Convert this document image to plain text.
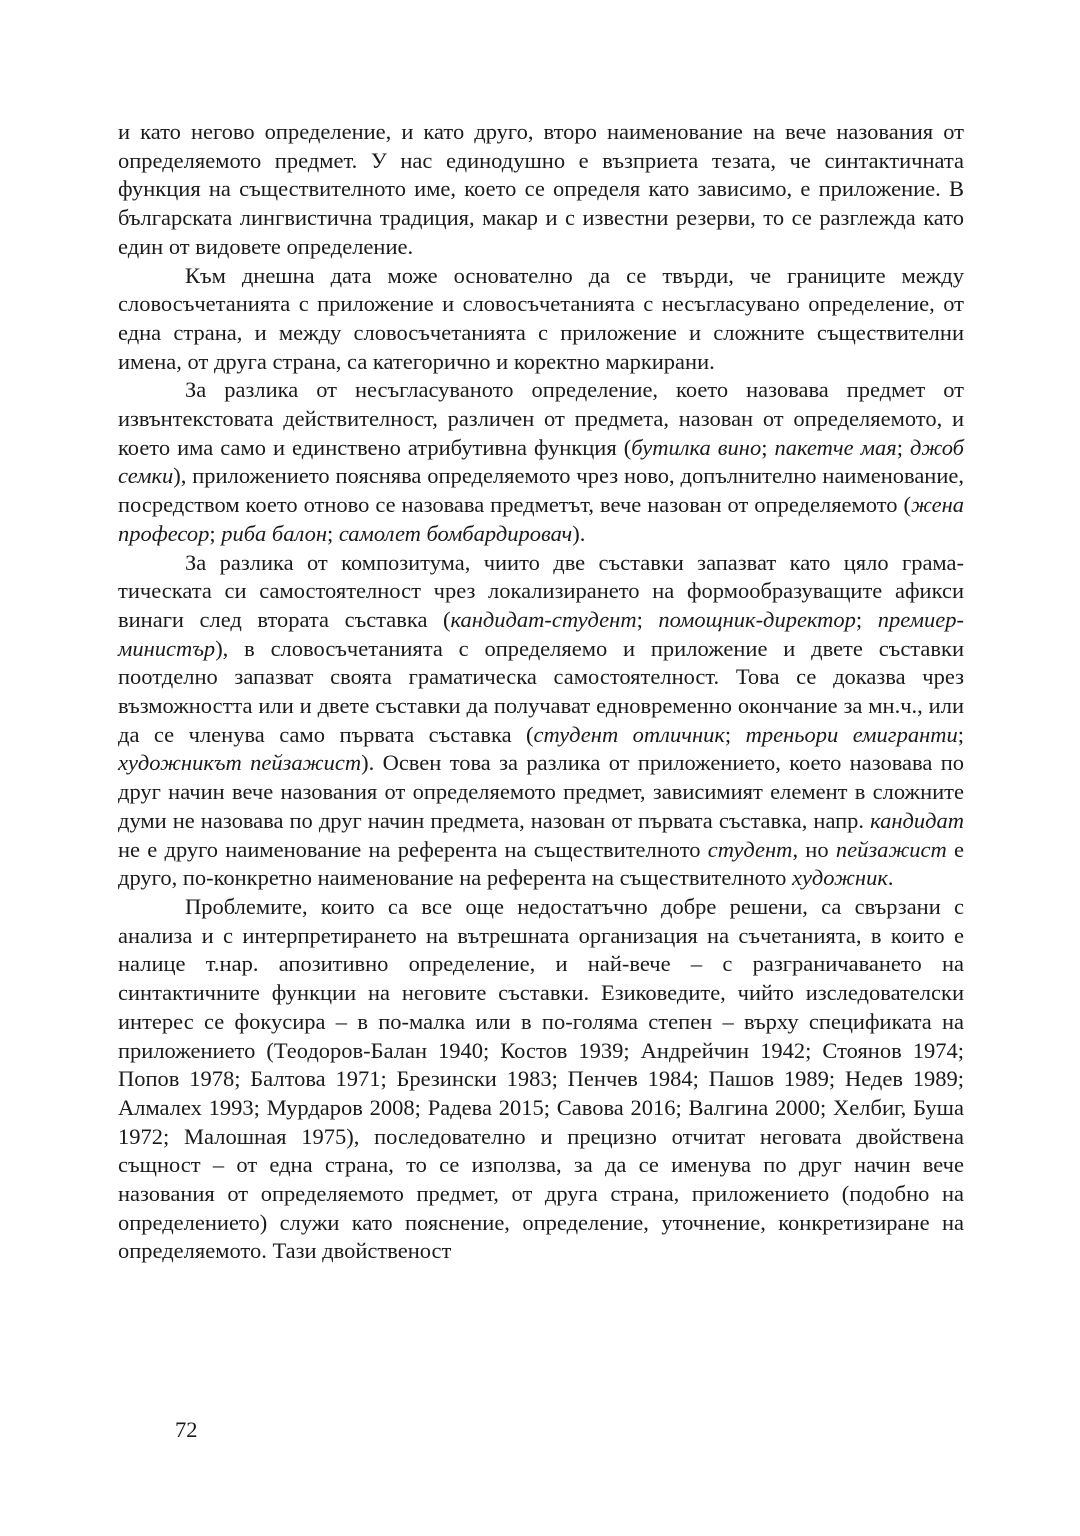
и като негово определение, и като друго, второ наименование на вече назования от определяемото предмет. У нас единодушно е възприета тезата, че синтактичната функция на съществителното име, което се определя като зависимо, е приложение. В българската лингвистична традиция, макар и с известни резерви, то се разглежда като един от видовете определение.

Към днешна дата може основателно да се твърди, че границите между словосъчетанията с приложение и словосъчетанията с несъгласувано определение, от една страна, и между словосъчетанията с приложение и сложните съществителни имена, от друга страна, са категорично и коректно маркирани.

За разлика от несъгласуваното определение, което назовава предмет от извънтекстовата действителност, различен от предмета, назован от определяемото, и което има само и единствено атрибутивна функция (бутилка вино; пакетче мая; джоб семки), приложението пояснява определяемото чрез ново, допълнително наименование, посредством което отново се назовава предметът, вече назован от определяемото (жена професор; риба балон; самолет бомбардировач).

За разлика от композитума, чиито две съставки запазват като цяло граматическата си самостоятелност чрез локализирането на формообразуващите афикси винаги след втората съставка (кандидат-студент; помощник-директор; премиер-министър), в словосъчетанията с определяемо и приложение и двете съставки поотделно запазват своята граматическа самостоятелност. Това се доказва чрез възможността или и двете съставки да получават едновременно окончание за мн.ч., или да се членува само първата съставка (студент отличник; треньори емигранти; художникът пейзажист). Освен това за разлика от приложението, което назовава по друг начин вече назования от определяемото предмет, зависимият елемент в сложните думи не назовава по друг начин предмета, назован от първата съставка, напр. кандидат не е друго наименование на референта на съществителното студент, но пейзажист е друго, по-конкретно наименование на референта на съществителното художник.

Проблемите, които са все още недостатъчно добре решени, са свързани с анализа и с интерпретирането на вътрешната организация на съчетанията, в които е налице т.нар. апозитивно определение, и най-вече – с разграничаването на синтактичните функции на неговите съставки. Езиковедите, чийто изследователски интерес се фокусира – в по-малка или в по-голяма степен – върху спецификата на приложението (Теодоров-Балан 1940; Костов 1939; Андрейчин 1942; Стоянов 1974; Попов 1978; Балтова 1971; Брезински 1983; Пенчев 1984; Пашов 1989; Недев 1989; Алмалех 1993; Мурдаров 2008; Радева 2015; Савова 2016; Валгина 2000; Хелбиг, Буша 1972; Малошная 1975), последователно и прецизно отчитат неговата двойствена същност – от една страна, то се използва, за да се именува по друг начин вече назования от определяемото предмет, от друга страна, приложението (подобно на определението) служи като пояснение, определение, уточнение, конкретизиране на определяемото. Тази двойственост

72
